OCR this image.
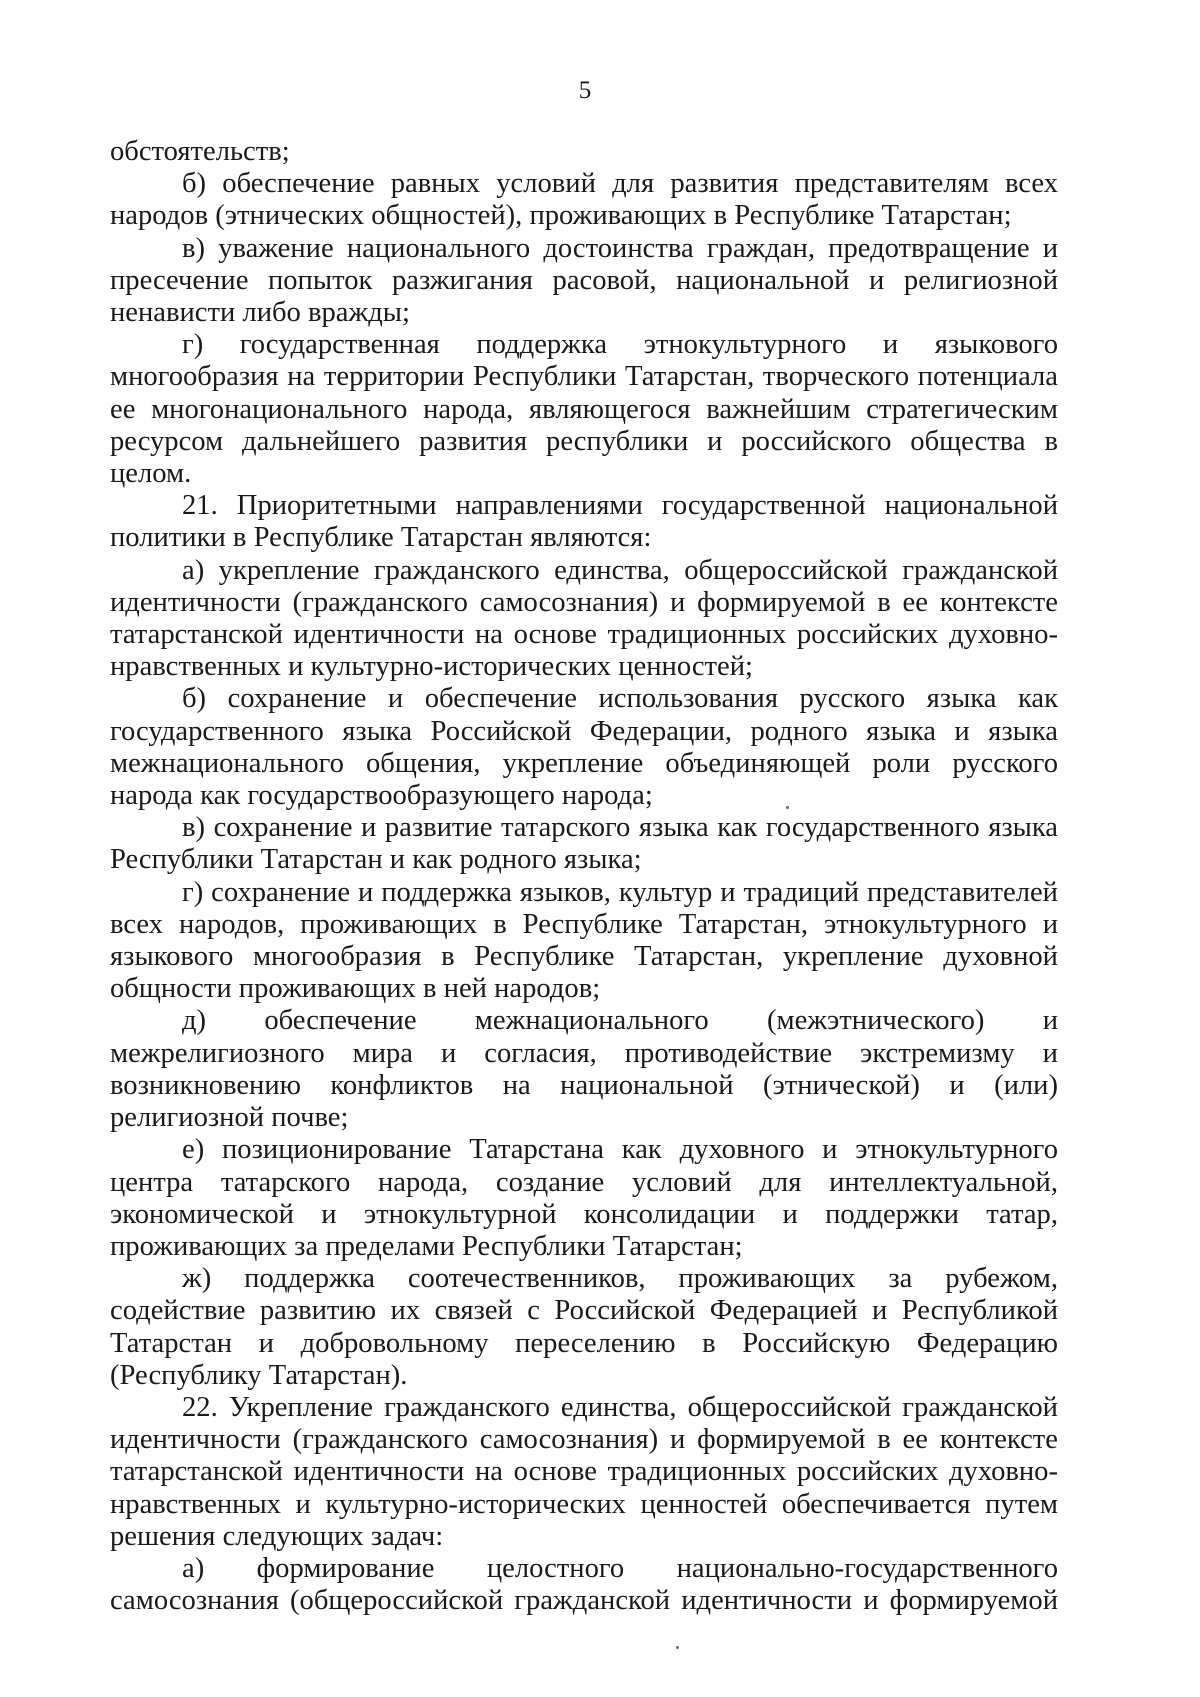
5

обстоятельств;

б) обеспечение равных условий для развития представителям всех народов (этнических общностей), проживающих в Республике Татарстан;

в) уважение национального достоинства граждан, предотвращение и пресечение попыток разжигания расовой, национальной и религиозной ненависти либо вражды;

г) государственная поддержка этнокультурного и языкового многообразия на территории Республики Татарстан, творческого потенциала ее многонационального народа, являющегося важнейшим стратегическим ресурсом дальнейшего развития республики и российского общества в целом.

21. Приоритетными направлениями государственной национальной политики в Республике Татарстан являются:

а) укрепление гражданского единства, общероссийской гражданской идентичности (гражданского самосознания) и формируемой в ее контексте татарстанской идентичности на основе традиционных российских духовно-нравственных и культурно-исторических ценностей;

б) сохранение и обеспечение использования русского языка как государственного языка Российской Федерации, родного языка и языка межнационального общения, укрепление объединяющей роли русского народа как государствообразующего народа;

в) сохранение и развитие татарского языка как государственного языка Республики Татарстан и как родного языка;

г) сохранение и поддержка языков, культур и традиций представителей всех народов, проживающих в Республике Татарстан, этнокультурного и языкового многообразия в Республике Татарстан, укрепление духовной общности проживающих в ней народов;

д) обеспечение межнационального (межэтнического) и межрелигиозного мира и согласия, противодействие экстремизму и возникновению конфликтов на национальной (этнической) и (или) религиозной почве;

е) позиционирование Татарстана как духовного и этнокультурного центра татарского народа, создание условий для интеллектуальной, экономической и этнокультурной консолидации и поддержки татар, проживающих за пределами Республики Татарстан;

ж) поддержка соотечественников, проживающих за рубежом, содействие развитию их связей с Российской Федерацией и Республикой Татарстан и добровольному переселению в Российскую Федерацию (Республику Татарстан).

22. Укрепление гражданского единства, общероссийской гражданской идентичности (гражданского самосознания) и формируемой в ее контексте татарстанской идентичности на основе традиционных российских духовно-нравственных и культурно-исторических ценностей обеспечивается путем решения следующих задач:

а) формирование целостного национально-государственного самосознания (общероссийской гражданской идентичности и формируемой
